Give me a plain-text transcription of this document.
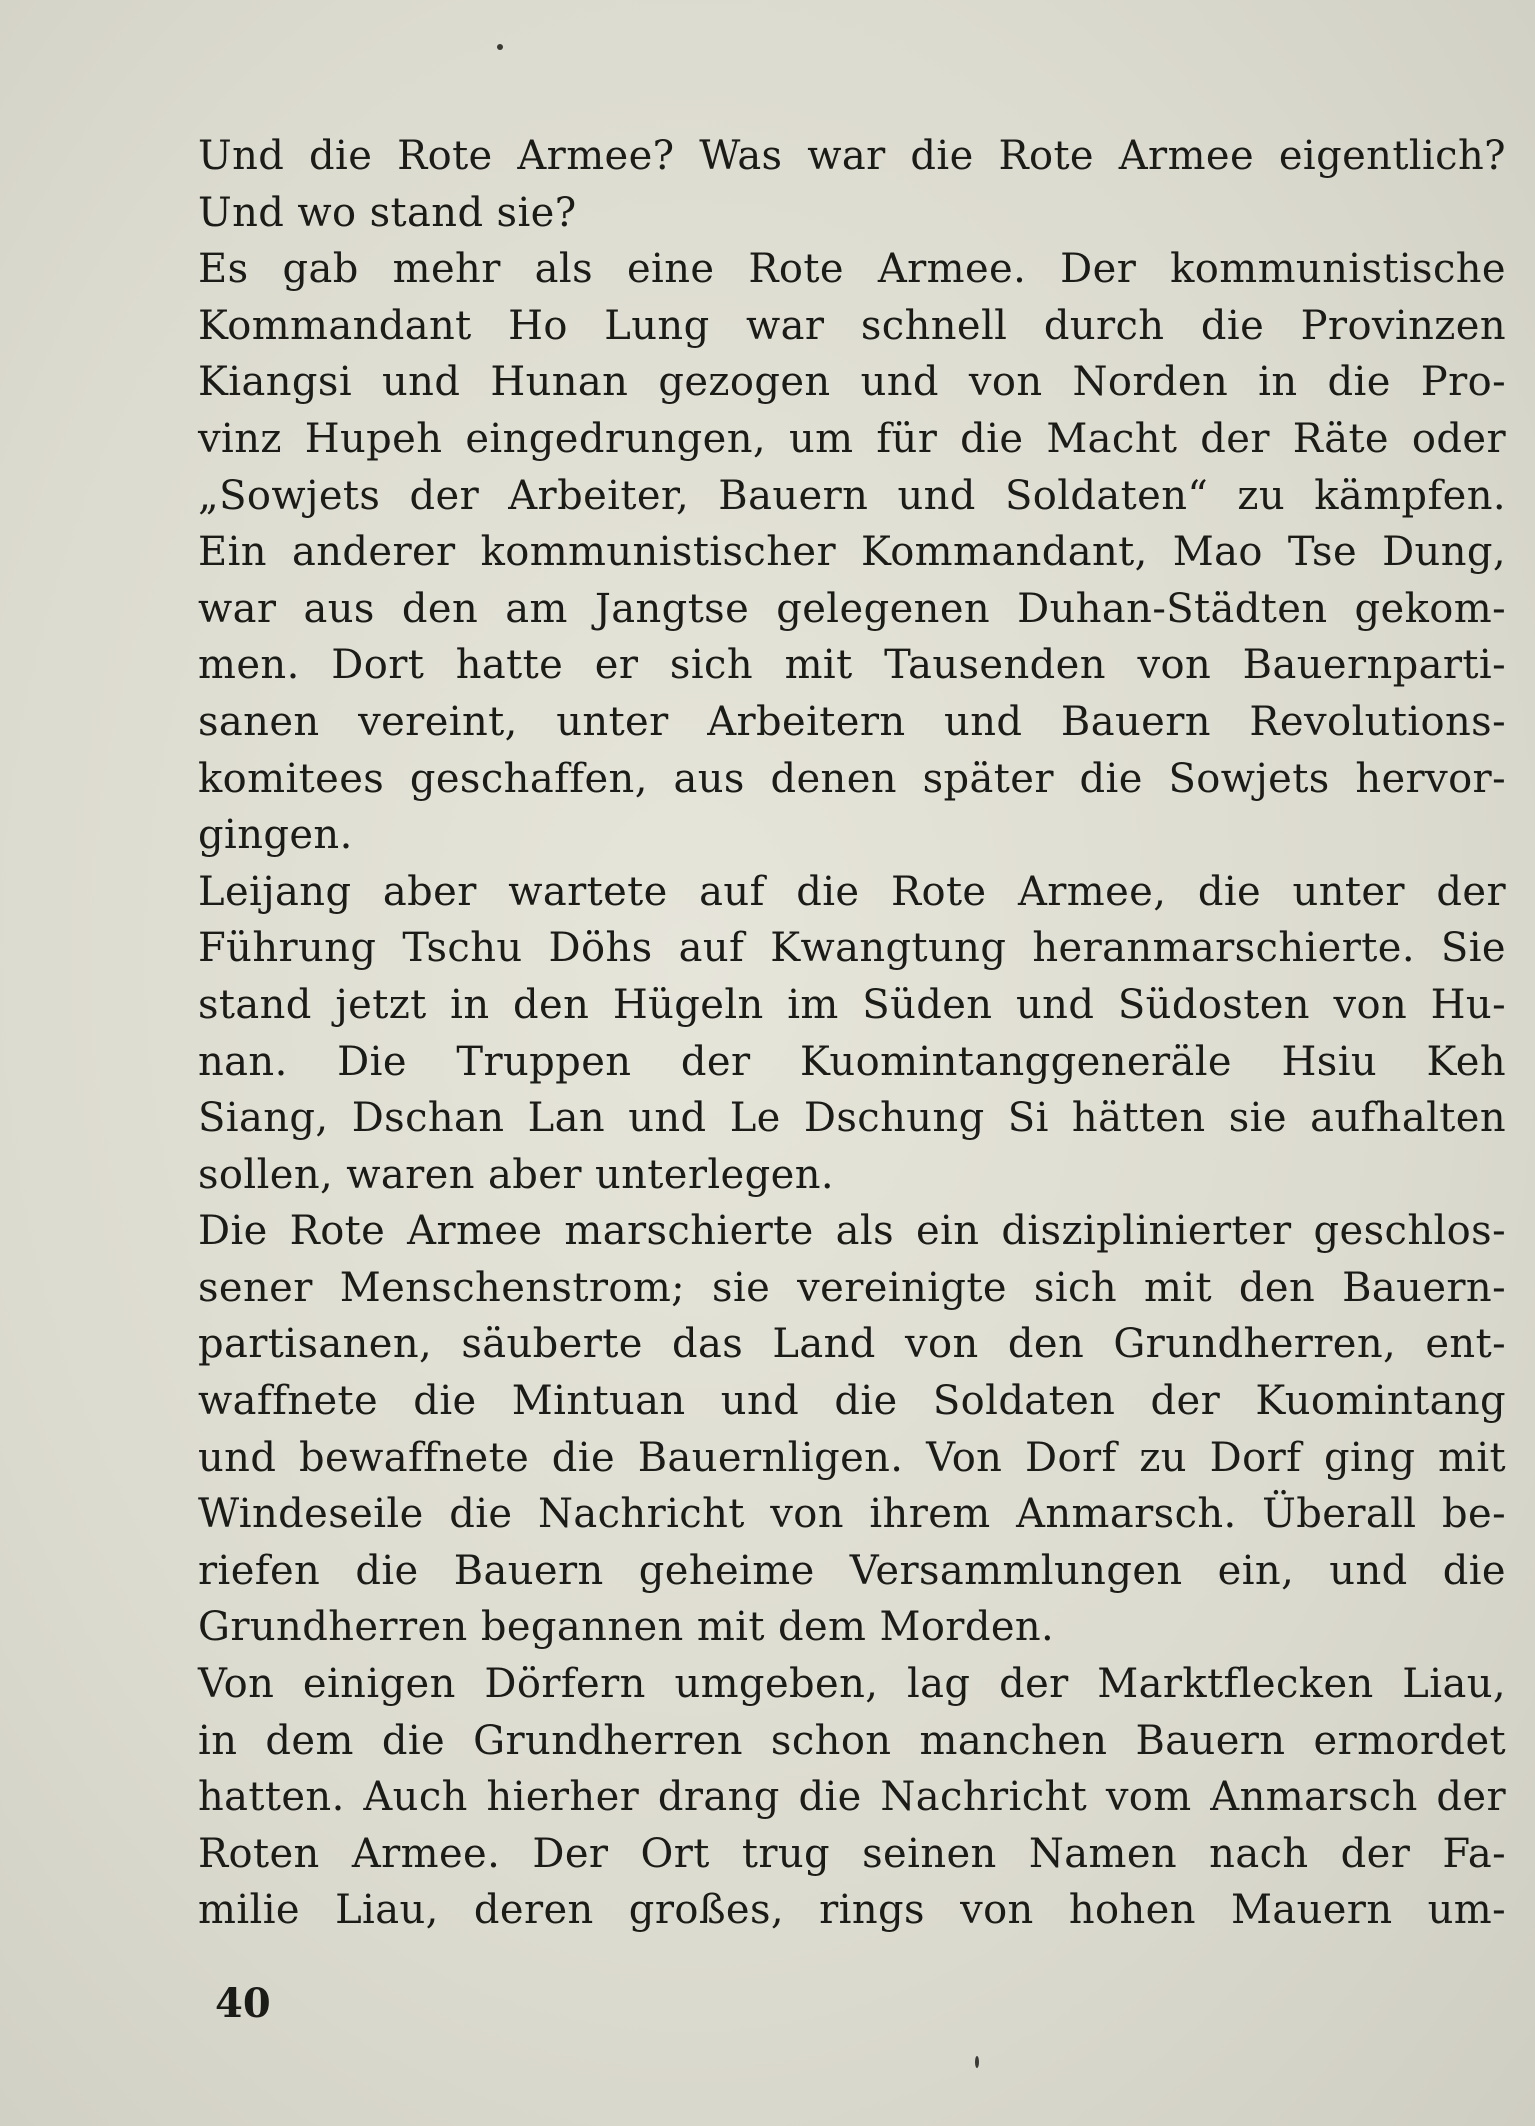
Und die Rote Armee? Was war die Rote Armee eigentlich?
Und wo stand sie?

Es gab mehr als eine Rote Armee. Der kommunistische
Kommandant Ho Lung war schnell durch die Provinzen
Kiangsi und Hunan gezogen und von Norden in die Pro-
vinz Hupeh eingedrungen, um für die Macht der Räte oder
„Sowjets der Arbeiter, Bauern und Soldaten“ zu kämpfen.
Ein anderer kommunistischer Kommandant, Mao Tse Dung,
war aus den am Jangtse gelegenen Duhan-Städten gekom-
men. Dort hatte er sich mit Tausenden von Bauernparti-
sanen vereint, unter Arbeitern und Bauern Revolutions-
komitees geschaffen, aus denen später die Sowjets hervor-
gingen.

Leijang aber wartete auf die Rote Armee, die unter der
Führung Tschu Döhs auf Kwangtung heranmarschierte. Sie
stand jetzt in den Hügeln im Süden und Südosten von Hu-
nan. Die Truppen der Kuomintanggeneräle Hsiu Keh
Siang, Dschan Lan und Le Dschung Si hätten sie aufhalten
sollen, waren aber unterlegen.

Die Rote Armee marschierte als ein disziplinierter geschlos-
sener Menschenstrom; sie vereinigte sich mit den Bauern-
partisanen, säuberte das Land von den Grundherren, ent-
waffnete die Mintuan und die Soldaten der Kuomintang
und bewaffnete die Bauernligen. Von Dorf zu Dorf ging mit
Windeseile die Nachricht von ihrem Anmarsch. Überall be-
riefen die Bauern geheime Versammlungen ein, und die
Grundherren begannen mit dem Morden.

Von einigen Dörfern umgeben, lag der Marktflecken Liau,
in dem die Grundherren schon manchen Bauern ermordet
hatten. Auch hierher drang die Nachricht vom Anmarsch der
Roten Armee. Der Ort trug seinen Namen nach der Fa-
milie Liau, deren großes, rings von hohen Mauern um-

40
